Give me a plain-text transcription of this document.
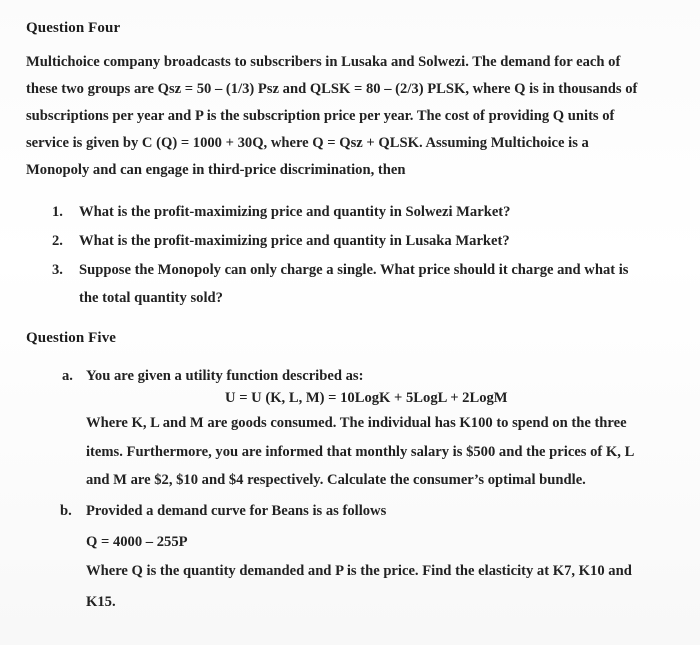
Question Four
Multichoice company broadcasts to subscribers in Lusaka and Solwezi. The demand for each of
these two groups are Qsz = 50 – (1/3) Psz and QLSK = 80 – (2/3) PLSK, where Q is in thousands of
subscriptions per year and P is the subscription price per year. The cost of providing Q units of
service is given by C (Q) = 1000 + 30Q, where Q = Qsz + QLSK. Assuming Multichoice is a
Monopoly and can engage in third-price discrimination, then
1. What is the profit-maximizing price and quantity in Solwezi Market?
2. What is the profit-maximizing price and quantity in Lusaka Market?
3. Suppose the Monopoly can only charge a single. What price should it charge and what is
the total quantity sold?
Question Five
a. You are given a utility function described as:
U = U (K, L, M) = 10LogK + 5LogL + 2LogM
Where K, L and M are goods consumed. The individual has K100 to spend on the three
items. Furthermore, you are informed that monthly salary is $500 and the prices of K, L
and M are $2, $10 and $4 respectively. Calculate the consumer’s optimal bundle.
b. Provided a demand curve for Beans is as follows
Q = 4000 – 255P
Where Q is the quantity demanded and P is the price. Find the elasticity at K7, K10 and
K15.
